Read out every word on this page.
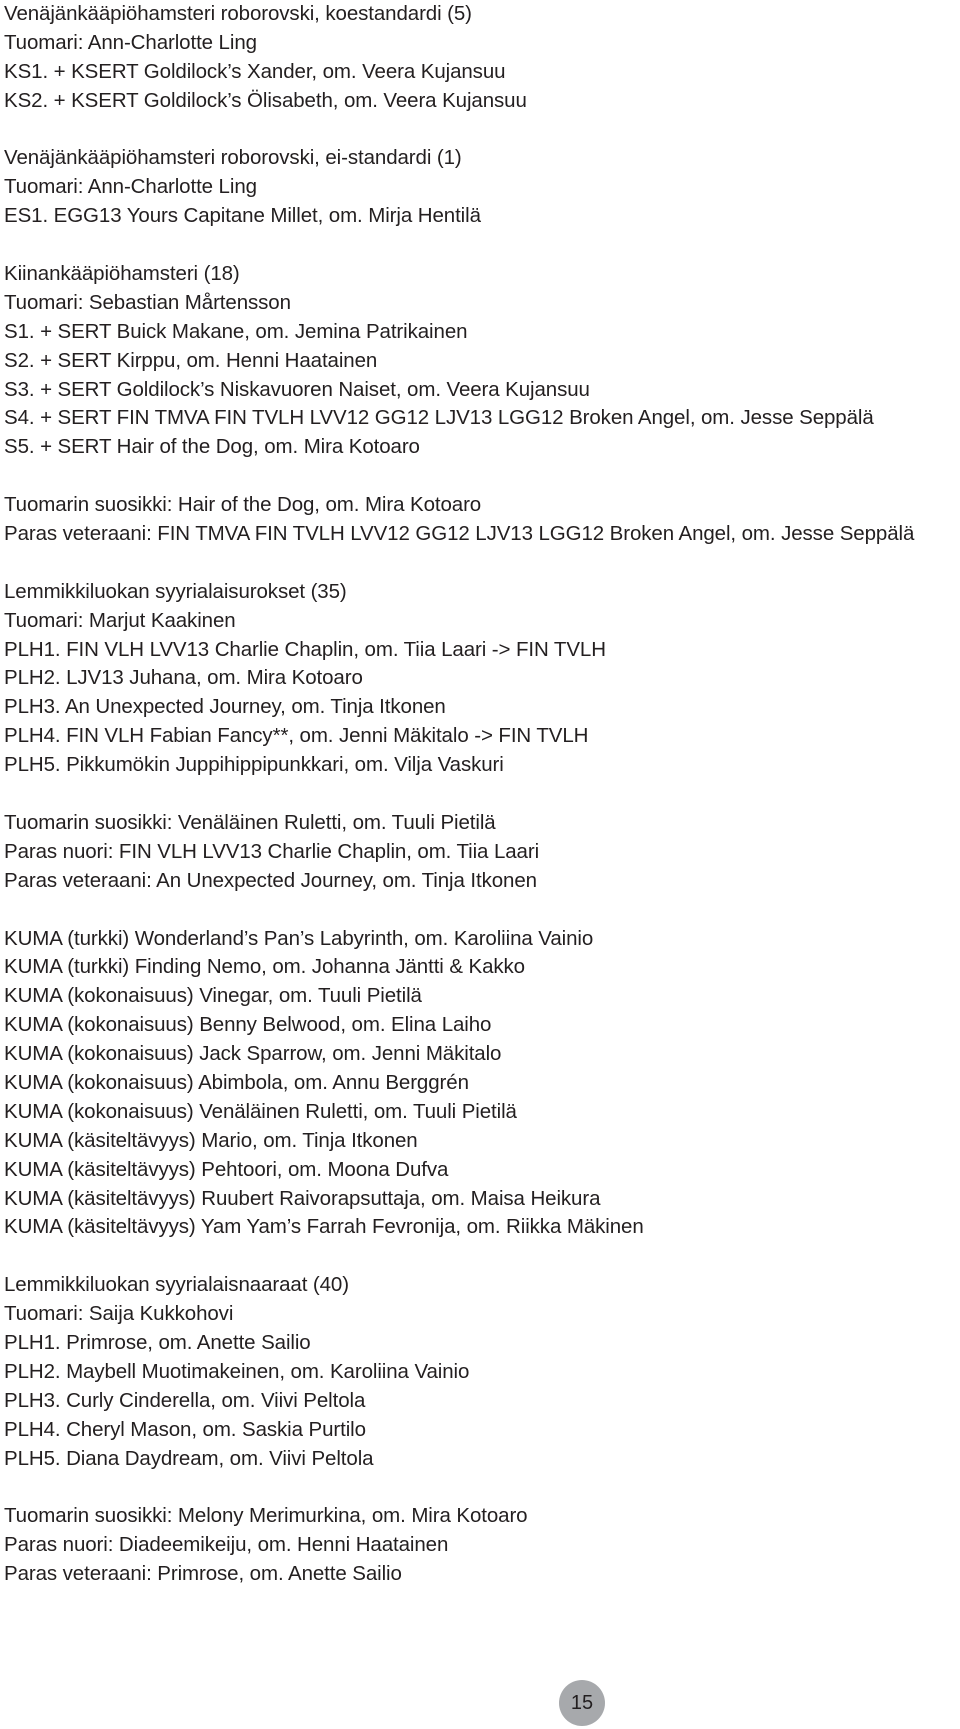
Venäjänkääpiöhamsteri roborovski, koestandardi (5)
Tuomari: Ann-Charlotte Ling
KS1. + KSERT Goldilock’s Xander, om. Veera Kujansuu
KS2. + KSERT Goldilock’s Ölisabeth, om. Veera Kujansuu
Venäjänkääpiöhamsteri roborovski, ei-standardi (1)
Tuomari: Ann-Charlotte Ling
ES1. EGG13 Yours Capitane Millet, om. Mirja Hentilä
Kiinankääpiöhamsteri (18)
Tuomari: Sebastian Mårtensson
S1. + SERT Buick Makane, om. Jemina Patrikainen
S2. + SERT Kirppu, om. Henni Haatainen
S3. + SERT Goldilock’s Niskavuoren Naiset, om. Veera Kujansuu
S4. + SERT FIN TMVA FIN TVLH LVV12 GG12 LJV13 LGG12 Broken Angel, om. Jesse Seppälä
S5. + SERT Hair of the Dog, om. Mira Kotoaro
Tuomarin suosikki: Hair of the Dog, om. Mira Kotoaro
Paras veteraani: FIN TMVA FIN TVLH LVV12 GG12 LJV13 LGG12 Broken Angel, om. Jesse Seppälä
Lemmikkiluokan syyrialaisurokset (35)
Tuomari: Marjut Kaakinen
PLH1. FIN VLH LVV13 Charlie Chaplin, om. Tiia Laari -> FIN TVLH
PLH2. LJV13 Juhana, om. Mira Kotoaro
PLH3. An Unexpected Journey, om. Tinja Itkonen
PLH4. FIN VLH Fabian Fancy**, om. Jenni Mäkitalo -> FIN TVLH
PLH5. Pikkumökin Juppihippipunkkari, om. Vilja Vaskuri
Tuomarin suosikki: Venäläinen Ruletti, om. Tuuli Pietilä
Paras nuori: FIN VLH LVV13 Charlie Chaplin, om. Tiia Laari
Paras veteraani: An Unexpected Journey, om. Tinja Itkonen
KUMA (turkki) Wonderland’s Pan’s Labyrinth, om. Karoliina Vainio
KUMA (turkki) Finding Nemo, om. Johanna Jäntti & Kakko
KUMA (kokonaisuus) Vinegar, om. Tuuli Pietilä
KUMA (kokonaisuus) Benny Belwood, om. Elina Laiho
KUMA (kokonaisuus) Jack Sparrow, om. Jenni Mäkitalo
KUMA (kokonaisuus) Abimbola, om. Annu Berggrén
KUMA (kokonaisuus) Venäläinen Ruletti, om. Tuuli Pietilä
KUMA (käsiteltävyys) Mario, om. Tinja Itkonen
KUMA (käsiteltävyys) Pehtoori, om. Moona Dufva
KUMA (käsiteltävyys) Ruubert Raivorapsuttaja, om. Maisa Heikura
KUMA (käsiteltävyys) Yam Yam’s Farrah Fevronija, om. Riikka Mäkinen
Lemmikkiluokan syyrialaisnaaraat (40)
Tuomari: Saija Kukkohovi
PLH1. Primrose, om. Anette Sailio
PLH2. Maybell Muotimakeinen, om. Karoliina Vainio
PLH3. Curly Cinderella, om. Viivi Peltola
PLH4. Cheryl Mason, om. Saskia Purtilo
PLH5. Diana Daydream, om. Viivi Peltola
Tuomarin suosikki: Melony Merimurkina, om. Mira Kotoaro
Paras nuori: Diadeemikeiju, om. Henni Haatainen
Paras veteraani: Primrose, om. Anette Sailio
15
